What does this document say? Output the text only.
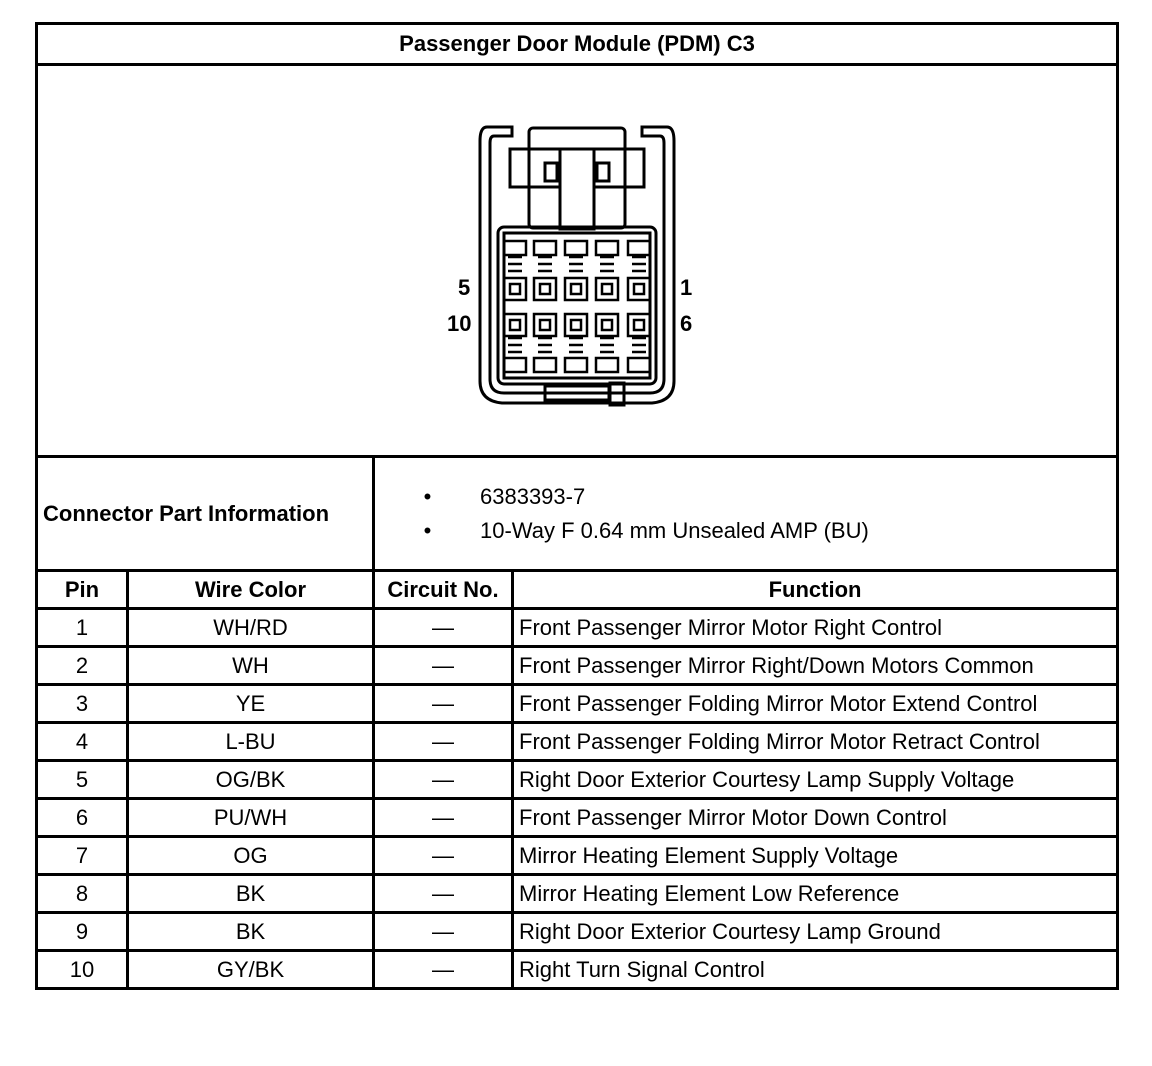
Passenger Door Module (PDM) C3			

5
10
1
6			

Connector Part Information		• 6383393-7
• 10-Way F 0.64 mm Unsealed AMP (BU)	

Pin	Wire Color	Circuit No.	Function
1	WH/RD	—	Front Passenger Mirror Motor Right Control
2	WH	—	Front Passenger Mirror Right/Down Motors Common
3	YE	—	Front Passenger Folding Mirror Motor Extend Control
4	L-BU	—	Front Passenger Folding Mirror Motor Retract Control
5	OG/BK	—	Right Door Exterior Courtesy Lamp Supply Voltage
6	PU/WH	—	Front Passenger Mirror Motor Down Control
7	OG	—	Mirror Heating Element Supply Voltage
8	BK	—	Mirror Heating Element Low Reference
9	BK	—	Right Door Exterior Courtesy Lamp Ground
10	GY/BK	—	Right Turn Signal Control
